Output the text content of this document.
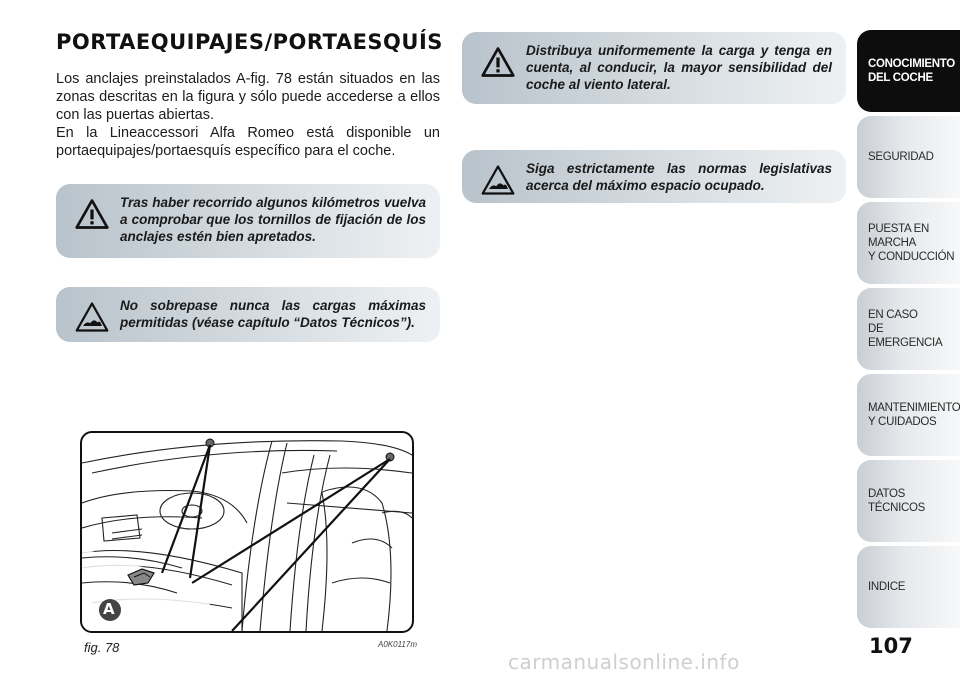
PORTAEQUIPAJES/PORTAESQUÍS

Los anclajes preinstalados A-fig. 78 están situados en las zonas descritas en la figura y sólo puede accederse a ellos con las puertas abiertas.

En la Lineaccessori Alfa Romeo está disponible un portaequipajes/portaesquís específico para el coche.

Tras haber recorrido algunos kilómetros vuelva a comprobar que los tornillos de fijación de los anclajes estén bien apretados.
No sobrepase nunca las cargas máximas permitidas (véase capítulo “Datos Técnicos”).
Distribuya uniformemente la carga y tenga en cuenta, al conducir, la mayor sensibilidad del coche al viento lateral.
Siga estrictamente las normas legislativas acerca del máximo espacio ocupado.
A
fig. 78	A0K0117m
CONOCIMIENTO
DEL COCHE
SEGURIDAD
PUESTA EN MARCHA
Y CONDUCCIÓN
EN CASO
DE EMERGENCIA
MANTENIMIENTO
Y CUIDADOS
DATOS TÉCNICOS
INDICE
107
carmanualsonline.info
